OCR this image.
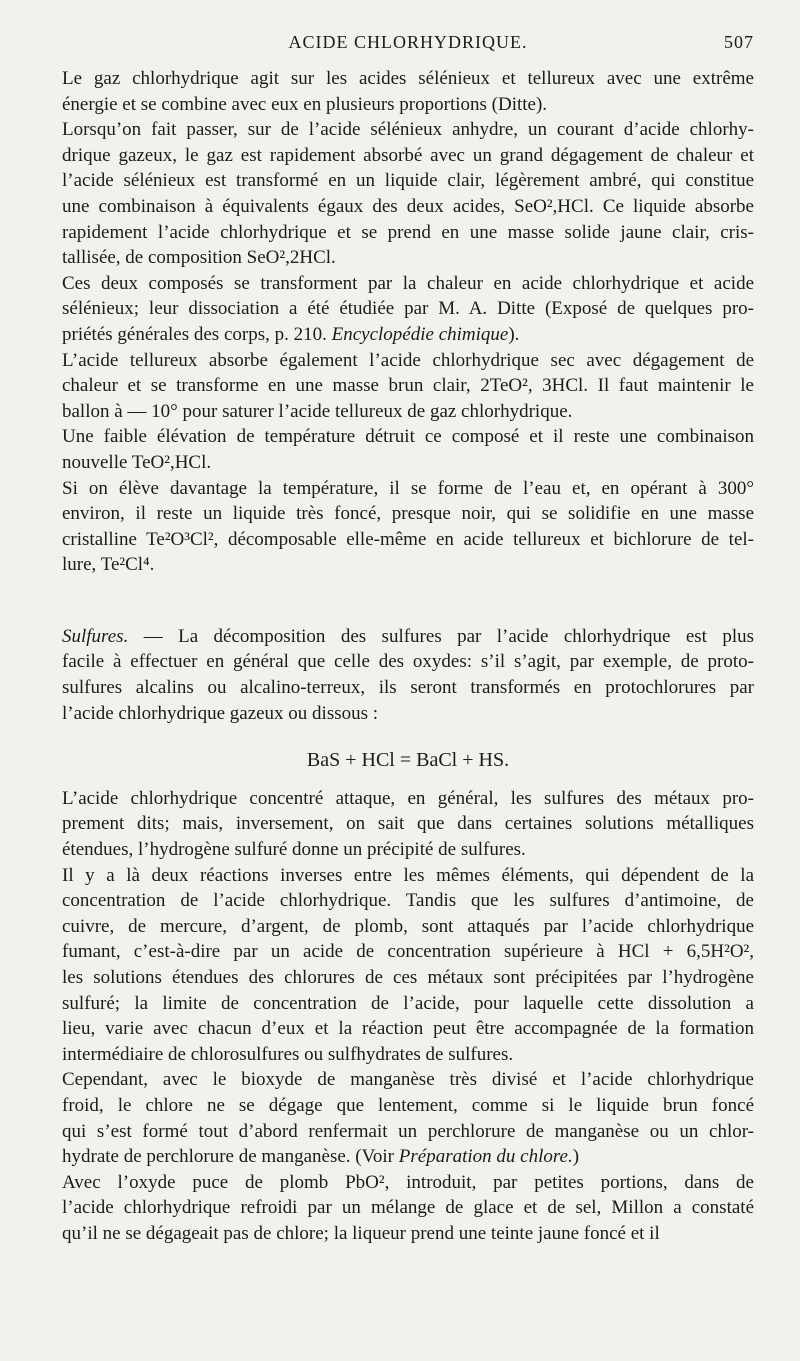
ACIDE CHLORHYDRIQUE.	507

Le gaz chlorhydrique agit sur les acides sélénieux et tellureux avec une extrême
énergie et se combine avec eux en plusieurs proportions (Ditte).

Lorsqu’on fait passer, sur de l’acide sélénieux anhydre, un courant d’acide chlorhy-
drique gazeux, le gaz est rapidement absorbé avec un grand dégagement de chaleur et
l’acide sélénieux est transformé en un liquide clair, légèrement ambré, qui constitue
une combinaison à équivalents égaux des deux acides, SeO²,HCl. Ce liquide absorbe
rapidement l’acide chlorhydrique et se prend en une masse solide jaune clair, cris-
tallisée, de composition SeO²,2HCl.

Ces deux composés se transforment par la chaleur en acide chlorhydrique et acide
sélénieux; leur dissociation a été étudiée par M. A. Ditte (Exposé de quelques pro-
priétés générales des corps, p. 210. Encyclopédie chimique).

L’acide tellureux absorbe également l’acide chlorhydrique sec avec dégagement de
chaleur et se transforme en une masse brun clair, 2TeO², 3HCl. Il faut maintenir le
ballon à — 10° pour saturer l’acide tellureux de gaz chlorhydrique.

Une faible élévation de température détruit ce composé et il reste une combinaison
nouvelle TeO²,HCl.

Si on élève davantage la température, il se forme de l’eau et, en opérant à 300°
environ, il reste un liquide très foncé, presque noir, qui se solidifie en une masse
cristalline Te²O³Cl², décomposable elle-même en acide tellureux et bichlorure de tel-
lure, Te²Cl⁴.

Sulfures. — La décomposition des sulfures par l’acide chlorhydrique est plus
facile à effectuer en général que celle des oxydes: s’il s’agit, par exemple, de proto-
sulfures alcalins ou alcalino-terreux, ils seront transformés en protochlorures par
l’acide chlorhydrique gazeux ou dissous :

BaS + HCl = BaCl + HS.

L’acide chlorhydrique concentré attaque, en général, les sulfures des métaux pro-
prement dits; mais, inversement, on sait que dans certaines solutions métalliques
étendues, l’hydrogène sulfuré donne un précipité de sulfures.

Il y a là deux réactions inverses entre les mêmes éléments, qui dépendent de la
concentration de l’acide chlorhydrique. Tandis que les sulfures d’antimoine, de
cuivre, de mercure, d’argent, de plomb, sont attaqués par l’acide chlorhydrique
fumant, c’est-à-dire par un acide de concentration supérieure à HCl + 6,5H²O²,
les solutions étendues des chlorures de ces métaux sont précipitées par l’hydrogène
sulfuré; la limite de concentration de l’acide, pour laquelle cette dissolution a
lieu, varie avec chacun d’eux et la réaction peut être accompagnée de la formation
intermédiaire de chlorosulfures ou sulfhydrates de sulfures.

Cependant, avec le bioxyde de manganèse très divisé et l’acide chlorhydrique
froid, le chlore ne se dégage que lentement, comme si le liquide brun foncé
qui s’est formé tout d’abord renfermait un perchlorure de manganèse ou un chlor-
hydrate de perchlorure de manganèse. (Voir Préparation du chlore.)

Avec l’oxyde puce de plomb PbO², introduit, par petites portions, dans de
l’acide chlorhydrique refroidi par un mélange de glace et de sel, Millon a constaté
qu’il ne se dégageait pas de chlore; la liqueur prend une teinte jaune foncé et il
